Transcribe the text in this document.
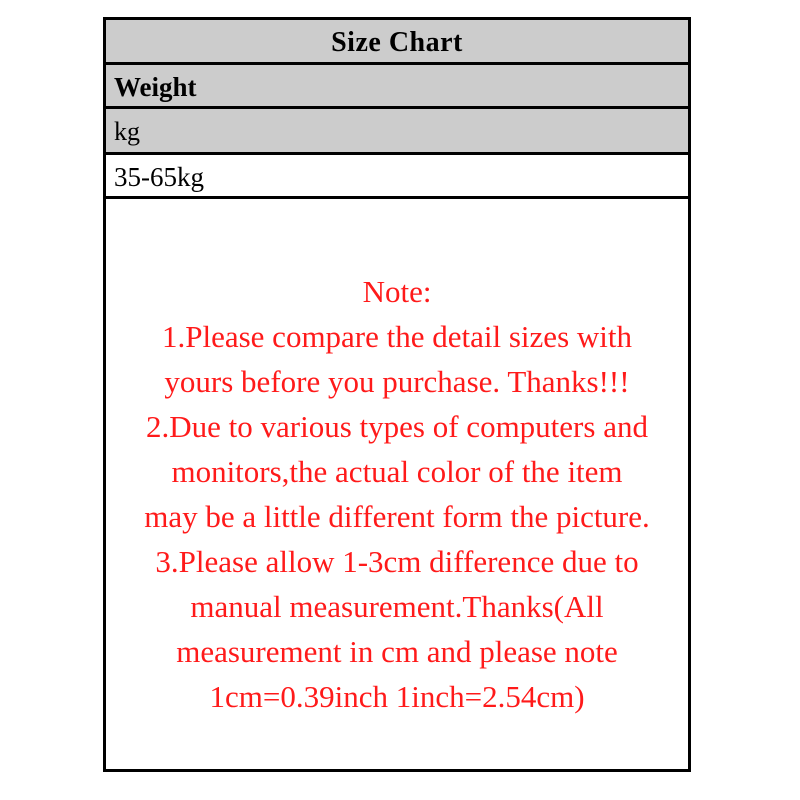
Size Chart
Weight
kg
35-65kg
Note:
1.Please compare the detail sizes with
yours before you purchase. Thanks!!!
2.Due to various types of computers and
monitors,the actual color of the item
may be a little different form the picture.
3.Please allow 1-3cm difference due to
manual measurement.Thanks(All
measurement in cm and please note
1cm=0.39inch 1inch=2.54cm)
